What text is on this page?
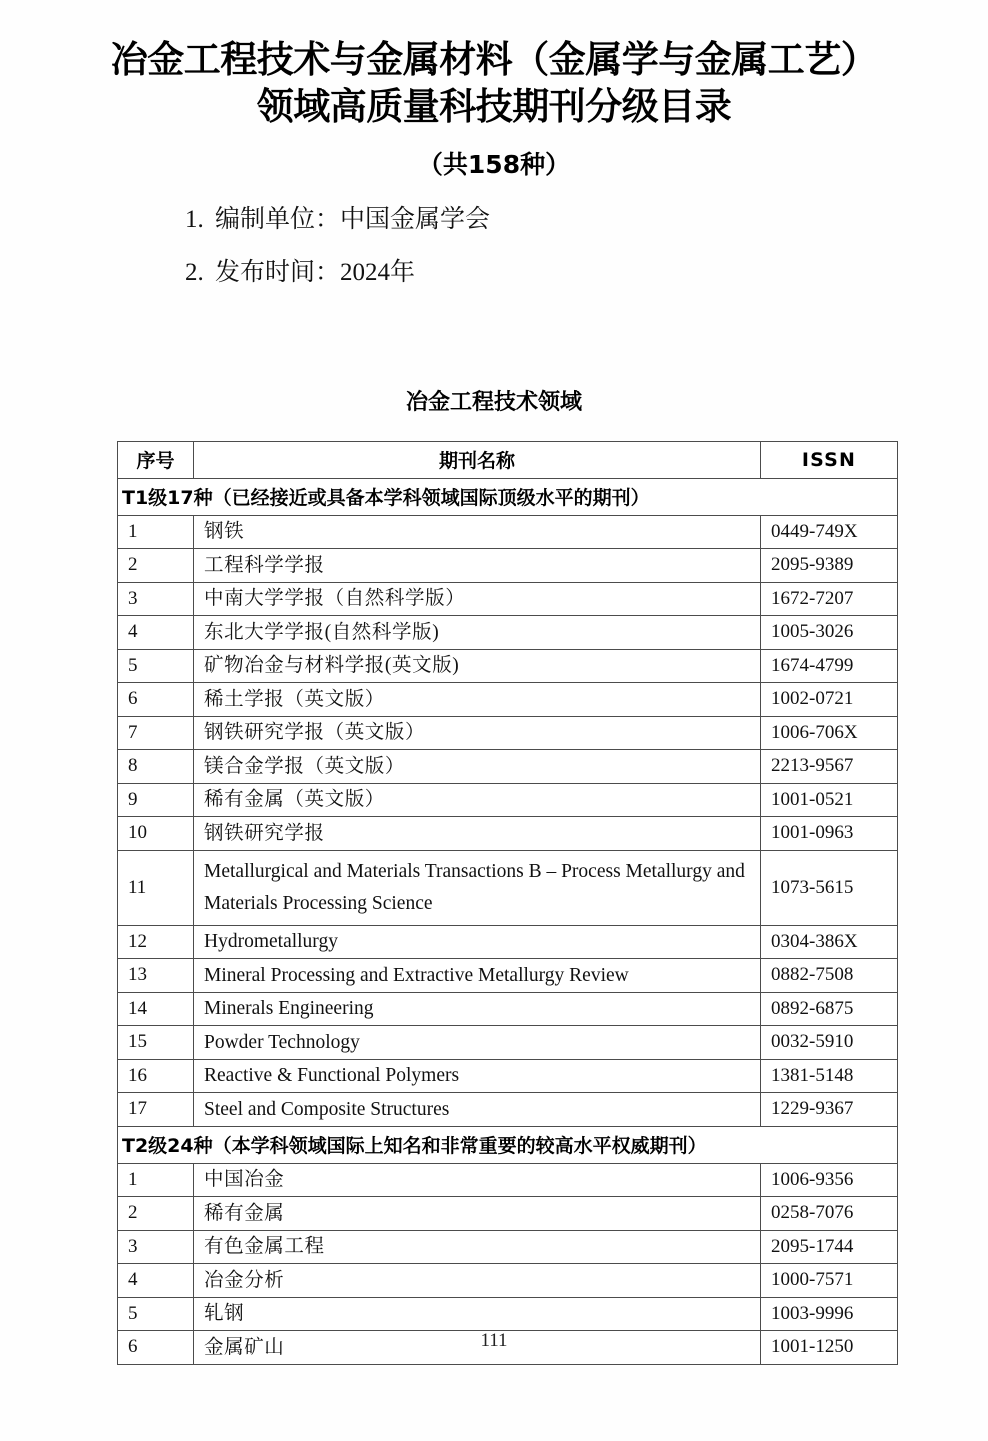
冶金工程技术与金属材料（金属学与金属工艺）领域高质量科技期刊分级目录
（共158种）
1. 编制单位：中国金属学会
2. 发布时间：2024年
冶金工程技术领域
序号	期刊名称	ISSN
T1级17种（已经接近或具备本学科领域国际顶级水平的期刊）		
1	钢铁	0449-749X
2	工程科学学报	2095-9389
3	中南大学学报（自然科学版）	1672-7207
4	东北大学学报(自然科学版)	1005-3026
5	矿物冶金与材料学报(英文版)	1674-4799
6	稀土学报（英文版）	1002-0721
7	钢铁研究学报（英文版）	1006-706X
8	镁合金学报（英文版）	2213-9567
9	稀有金属（英文版）	1001-0521
10	钢铁研究学报	1001-0963
11	Metallurgical and Materials Transactions B – Process Metallurgy and Materials Processing Science	1073-5615
12	Hydrometallurgy	0304-386X
13	Mineral Processing and Extractive Metallurgy Review	0882-7508
14	Minerals Engineering	0892-6875
15	Powder Technology	0032-5910
16	Reactive & Functional Polymers	1381-5148
17	Steel and Composite Structures	1229-9367
T2级24种（本学科领域国际上知名和非常重要的较高水平权威期刊）		
1	中国冶金	1006-9356
2	稀有金属	0258-7076
3	有色金属工程	2095-1744
4	冶金分析	1000-7571
5	轧钢	1003-9996
6	金属矿山	1001-1250
111
